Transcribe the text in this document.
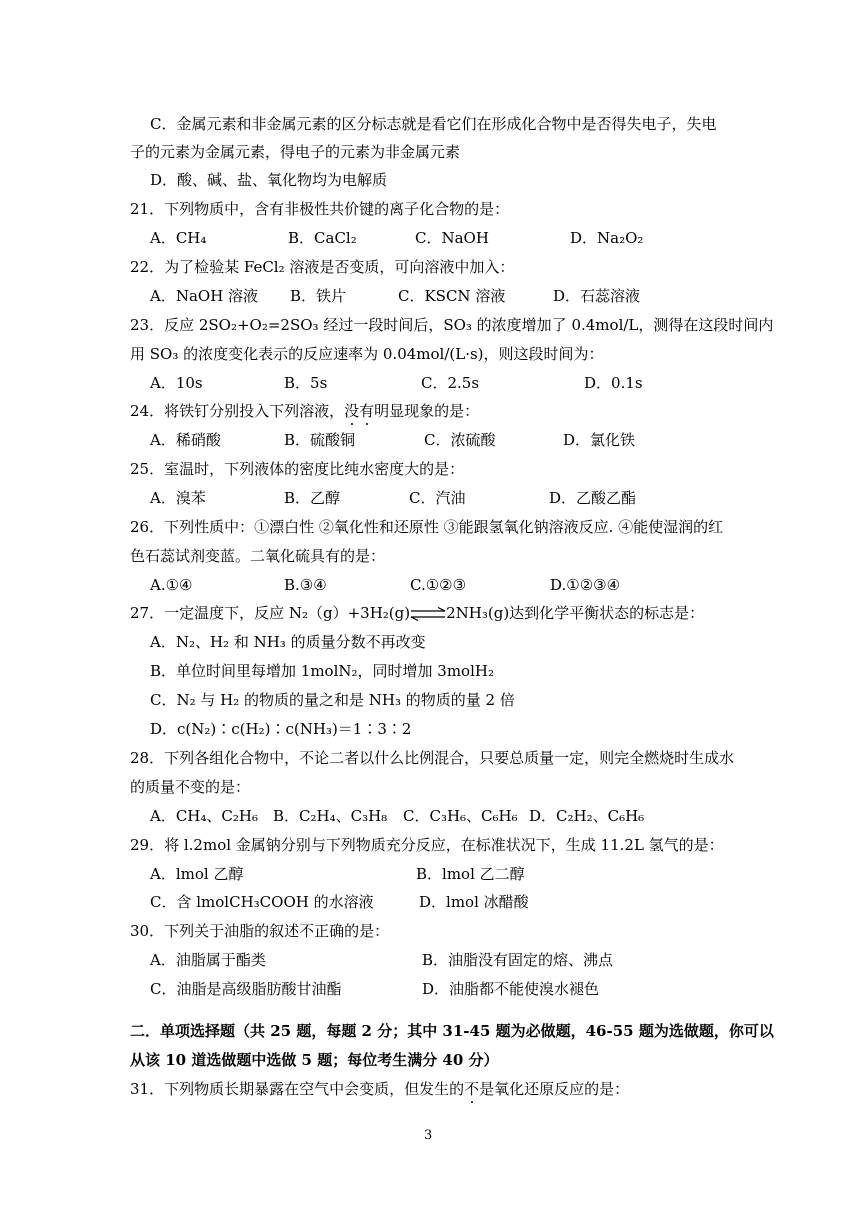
C．金属元素和非金属元素的区分标志就是看它们在形成化合物中是否得失电子，失电
子的元素为金属元素，得电子的元素为非金属元素
D．酸、碱、盐、氧化物均为电解质
21．下列物质中，含有非极性共价键的离子化合物的是：
A．CH₄	B．CaCl₂	C．NaOH	D．Na₂O₂
22．为了检验某 FeCl₂ 溶液是否变质，可向溶液中加入：
A．NaOH 溶液 B．铁片	C．KSCN 溶液	D．石蕊溶液
23．反应 2SO₂+O₂=2SO₃ 经过一段时间后，SO₃ 的浓度增加了 0.4mol/L，测得在这段时间内
用 SO₃ 的浓度变化表示的反应速率为 0.04mol/(L·s)，则这段时间为：
A．10s	B．5s	C．2.5s	D．0.1s
24．将铁钉分别投入下列溶液，没有明显现象的是：
A．稀硝酸	B．硫酸铜	C．浓硫酸	D．氯化铁
25．室温时，下列液体的密度比纯水密度大的是：
A．溴苯	B．乙醇	C．汽油	D．乙酸乙酯
26．下列性质中：①漂白性 ②氧化性和还原性 ③能跟氢氧化钠溶液反应. ④能使湿润的红
色石蕊试剂变蓝。二氧化硫具有的是：
A.①④	B.③④	C.①②③	D.①②③④
27．一定温度下，反应 N₂（g）+3H₂(g)⇌2NH₃(g)达到化学平衡状态的标志是：
A．N₂、H₂ 和 NH₃ 的质量分数不再改变
B．单位时间里每增加 1molN₂，同时增加 3molH₂
C．N₂ 与 H₂ 的物质的量之和是 NH₃ 的物质的量 2 倍
D．c(N₂)∶c(H₂)∶c(NH₃)＝1∶3∶2
28．下列各组化合物中，不论二者以什么比例混合，只要总质量一定，则完全燃烧时生成水
的质量不变的是：
A．CH₄、C₂H₆ B．C₂H₄、C₃H₈ C．C₃H₆、C₆H₆ D．C₂H₂、C₆H₆
29．将 l.2mol 金属钠分别与下列物质充分反应，在标准状况下，生成 11.2L 氢气的是：
A．lmol 乙醇	B．lmol 乙二醇
C．含 lmolCH₃COOH 的水溶液	D．lmol 冰醋酸
30．下列关于油脂的叙述不正确的是：
A．油脂属于酯类	B．油脂没有固定的熔、沸点
C．油脂是高级脂肪酸甘油酯	D．油脂都不能使溴水褪色
二．单项选择题（共 25 题，每题 2 分；其中 31-45 题为必做题，46-55 题为选做题，你可以
从该 10 道选做题中选做 5 题；每位考生满分 40 分）
31．下列物质长期暴露在空气中会变质，但发生的不是氧化还原反应的是：
3
